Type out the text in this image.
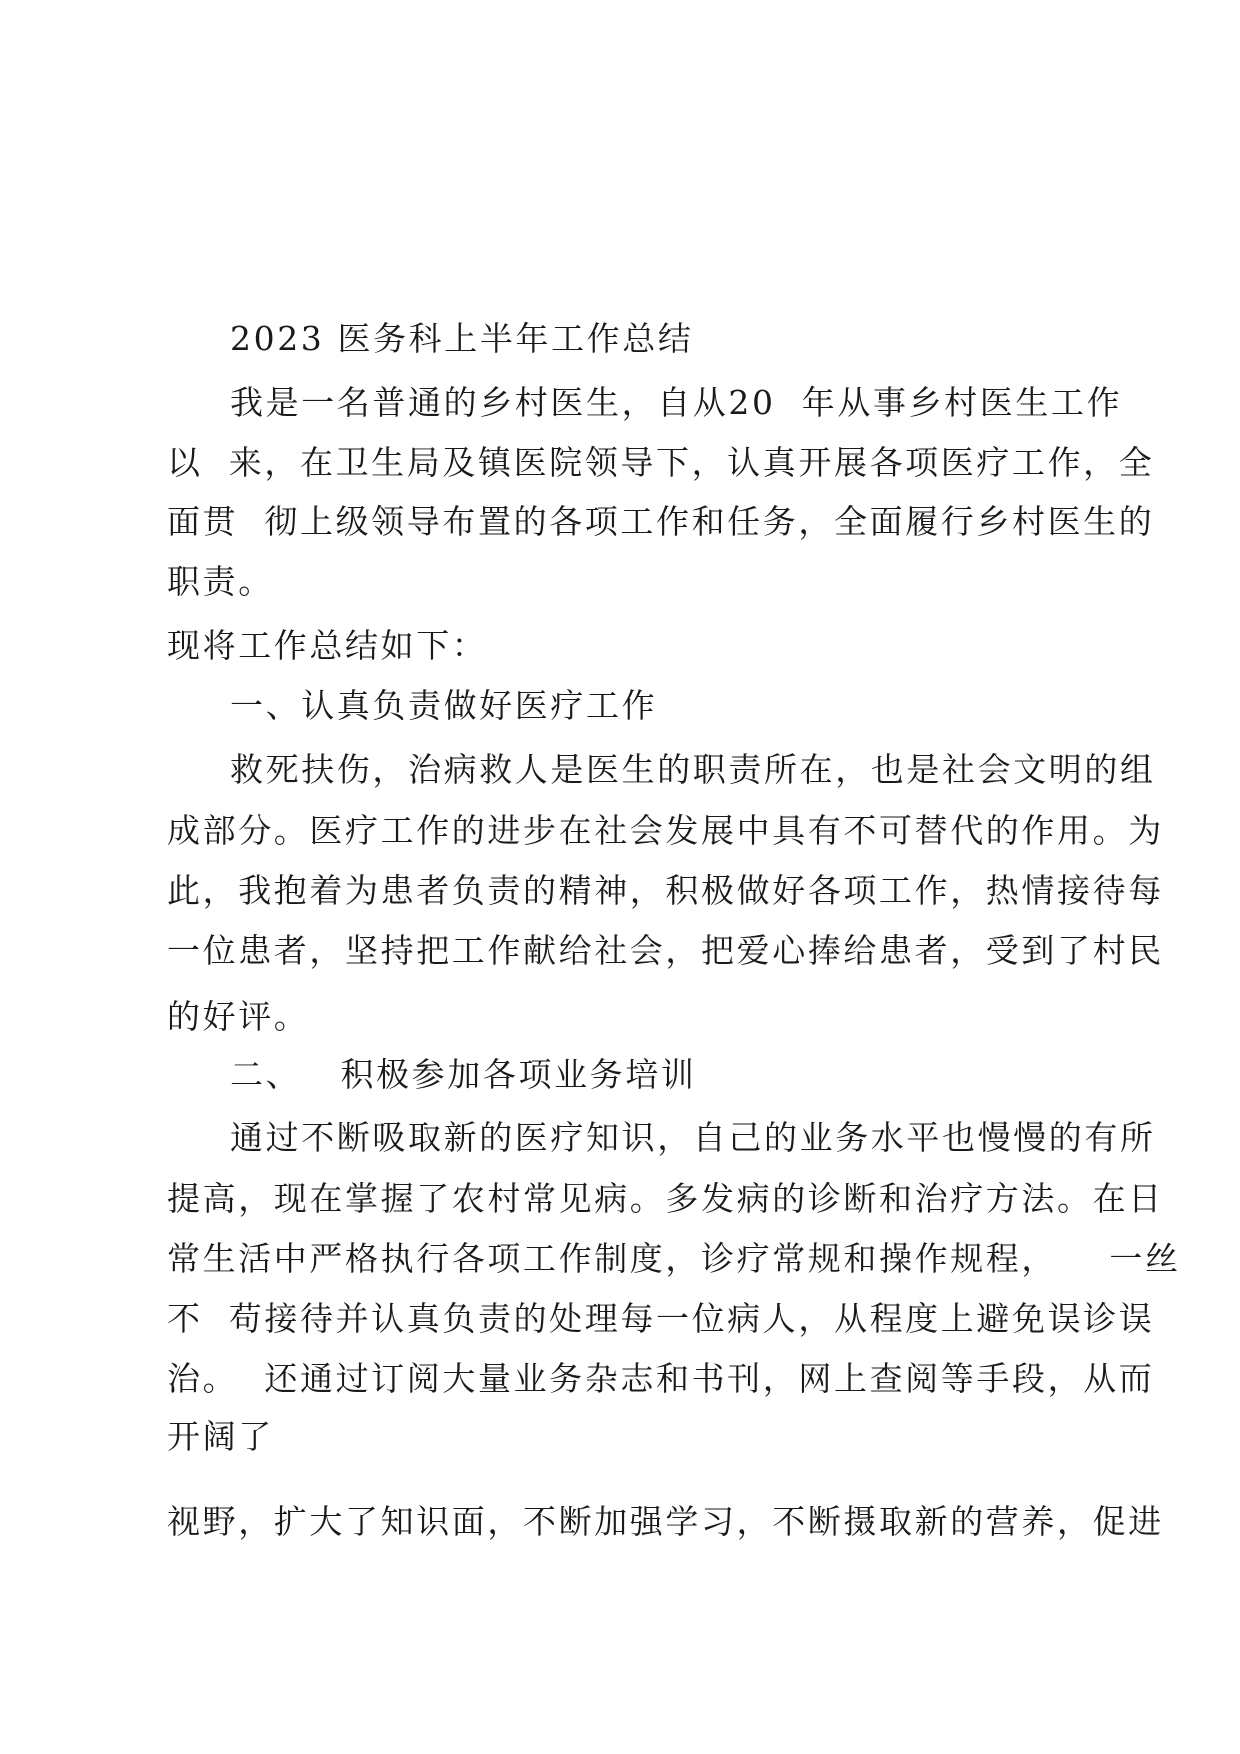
2023 医务科上半年工作总结
我是一名普通的乡村医生，自从20  年从事乡村医生工作
以  来，在卫生局及镇医院领导下，认真开展各项医疗工作，全
面贯  彻上级领导布置的各项工作和任务，全面履行乡村医生的
职责。
现将工作总结如下：
一、认真负责做好医疗工作
救死扶伤，治病救人是医生的职责所在，也是社会文明的组
成部分。医疗工作的进步在社会发展中具有不可替代的作用。为
此，我抱着为患者负责的精神，积极做好各项工作，热情接待每
一位患者，坚持把工作献给社会，把爱心捧给患者，受到了村民
的好评。
二、   积极参加各项业务培训
通过不断吸取新的医疗知识，自己的业务水平也慢慢的有所
提高，现在掌握了农村常见病。多发病的诊断和治疗方法。在日
常生活中严格执行各项工作制度，诊疗常规和操作规程，    一丝
不  苟接待并认真负责的处理每一位病人，从程度上避免误诊误
治。  还通过订阅大量业务杂志和书刊，网上查阅等手段，从而
开阔了
视野，扩大了知识面，不断加强学习，不断摄取新的营养，促进
